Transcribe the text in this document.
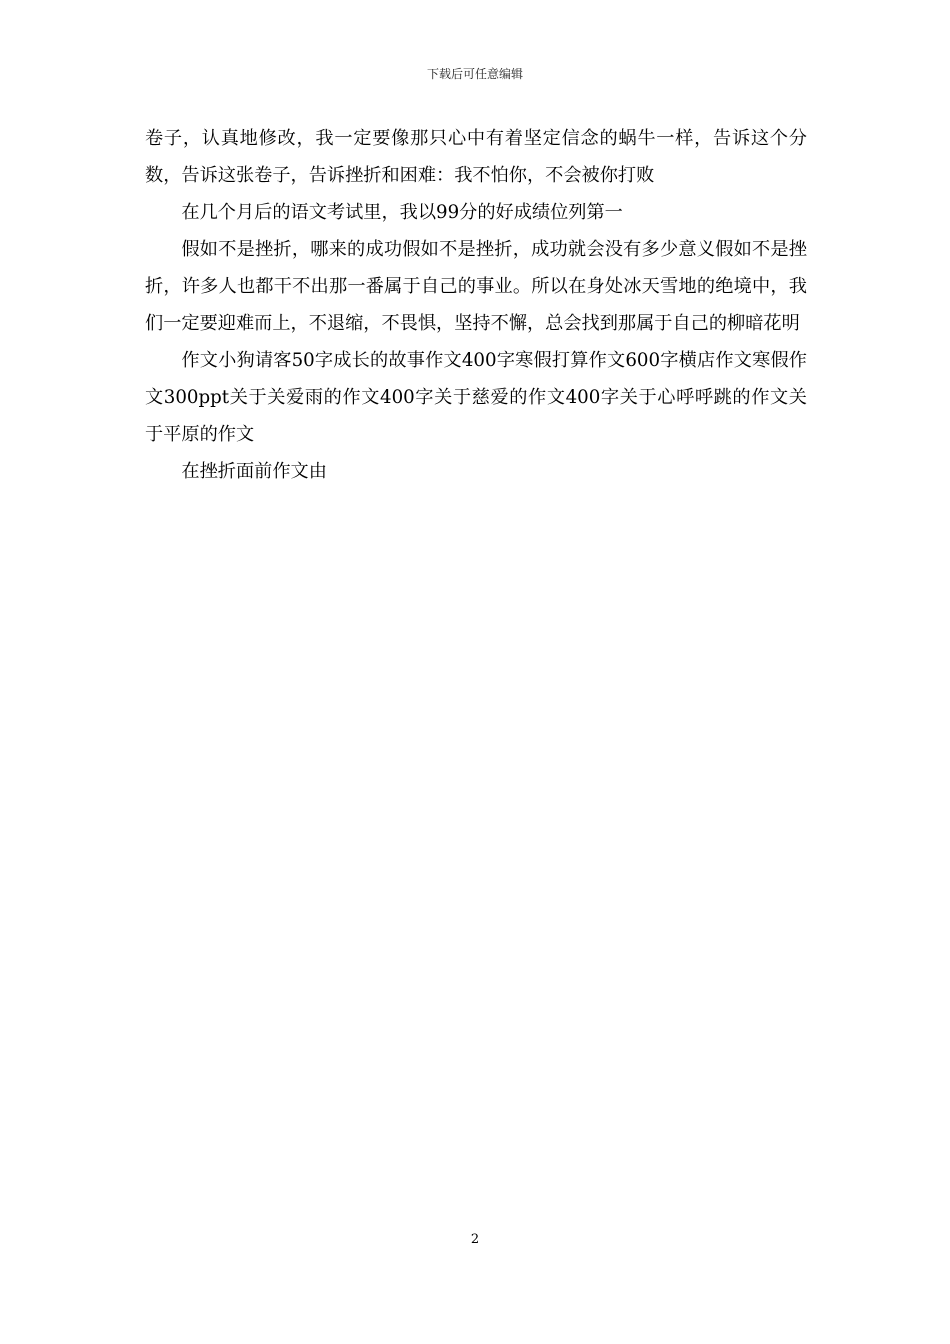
下载后可任意编辑

卷子，认真地修改，我一定要像那只心中有着坚定信念的蜗牛一样，告诉这个分数，告诉这张卷子，告诉挫折和困难：我不怕你，不会被你打败

在几个月后的语文考试里，我以99分的好成绩位列第一

假如不是挫折，哪来的成功假如不是挫折，成功就会没有多少意义假如不是挫折，许多人也都干不出那一番属于自己的事业。所以在身处冰天雪地的绝境中，我们一定要迎难而上，不退缩，不畏惧，坚持不懈，总会找到那属于自己的柳暗花明

作文小狗请客50字成长的故事作文400字寒假打算作文600字横店作文寒假作文300ppt关于关爱雨的作文400字关于慈爱的作文400字关于心呼呼跳的作文关于平原的作文

在挫折面前作文由

2
